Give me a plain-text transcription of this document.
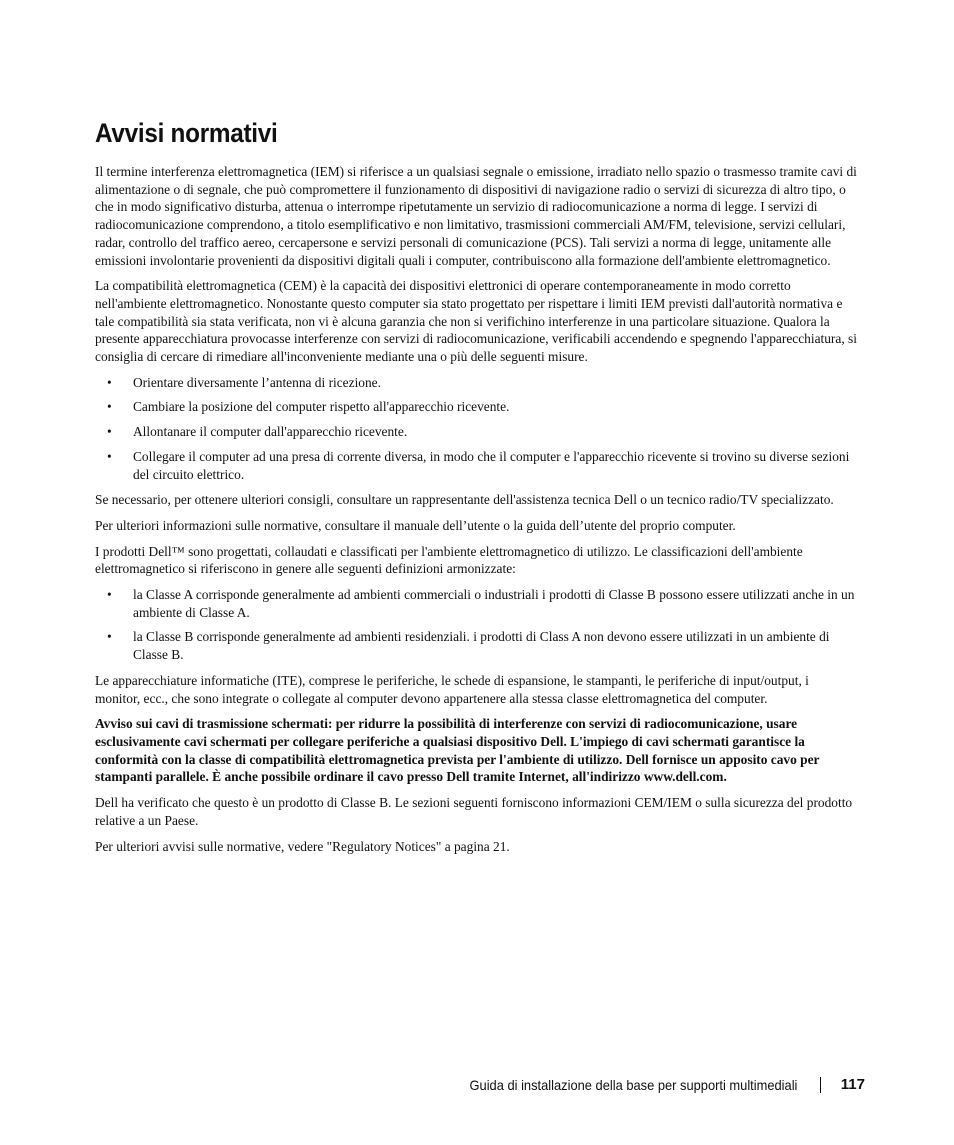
Avvisi normativi

Il termine interferenza elettromagnetica (IEM) si riferisce a un qualsiasi segnale o emissione, irradiato nello spazio o trasmesso tramite cavi di alimentazione o di segnale, che può compromettere il funzionamento di dispositivi di navigazione radio o servizi di sicurezza di altro tipo, o che in modo significativo disturba, attenua o interrompe ripetutamente un servizio di radiocomunicazione a norma di legge. I servizi di radiocomunicazione comprendono, a titolo esemplificativo e non limitativo, trasmissioni commerciali AM/FM, televisione, servizi cellulari, radar, controllo del traffico aereo, cercapersone e servizi personali di comunicazione (PCS). Tali servizi a norma di legge, unitamente alle emissioni involontarie provenienti da dispositivi digitali quali i computer, contribuiscono alla formazione dell'ambiente elettromagnetico.

La compatibilità elettromagnetica (CEM) è la capacità dei dispositivi elettronici di operare contemporaneamente in modo corretto nell'ambiente elettromagnetico. Nonostante questo computer sia stato progettato per rispettare i limiti IEM previsti dall'autorità normativa e tale compatibilità sia stata verificata, non vi è alcuna garanzia che non si verifichino interferenze in una particolare situazione. Qualora la presente apparecchiatura provocasse interferenze con servizi di radiocomunicazione, verificabili accendendo e spegnendo l'apparecchiatura, si consiglia di cercare di rimediare all'inconveniente mediante una o più delle seguenti misure.

• Orientare diversamente l’antenna di ricezione.
• Cambiare la posizione del computer rispetto all'apparecchio ricevente.
• Allontanare il computer dall'apparecchio ricevente.
• Collegare il computer ad una presa di corrente diversa, in modo che il computer e l'apparecchio ricevente si trovino su diverse sezioni del circuito elettrico.

Se necessario, per ottenere ulteriori consigli, consultare un rappresentante dell'assistenza tecnica Dell o un tecnico radio/TV specializzato.

Per ulteriori informazioni sulle normative, consultare il manuale dell’utente o la guida dell’utente del proprio computer.

I prodotti Dell™ sono progettati, collaudati e classificati per l'ambiente elettromagnetico di utilizzo. Le classificazioni dell'ambiente elettromagnetico si riferiscono in genere alle seguenti definizioni armonizzate:

• la Classe A corrisponde generalmente ad ambienti commerciali o industriali i prodotti di Classe B possono essere utilizzati anche in un ambiente di Classe A.
• la Classe B corrisponde generalmente ad ambienti residenziali. i prodotti di Class A non devono essere utilizzati in un ambiente di Classe B.

Le apparecchiature informatiche (ITE), comprese le periferiche, le schede di espansione, le stampanti, le periferiche di input/output, i monitor, ecc., che sono integrate o collegate al computer devono appartenere alla stessa classe elettromagnetica del computer.

Avviso sui cavi di trasmissione schermati: per ridurre la possibilità di interferenze con servizi di radiocomunicazione, usare esclusivamente cavi schermati per collegare periferiche a qualsiasi dispositivo Dell. L'impiego di cavi schermati garantisce la conformità con la classe di compatibilità elettromagnetica prevista per l'ambiente di utilizzo. Dell fornisce un apposito cavo per stampanti parallele. È anche possibile ordinare il cavo presso Dell tramite Internet, all'indirizzo www.dell.com.

Dell ha verificato che questo è un prodotto di Classe B. Le sezioni seguenti forniscono informazioni CEM/IEM o sulla sicurezza del prodotto relative a un Paese.

Per ulteriori avvisi sulle normative, vedere "Regulatory Notices" a pagina 21.

Guida di installazione della base per supporti multimediali	117
